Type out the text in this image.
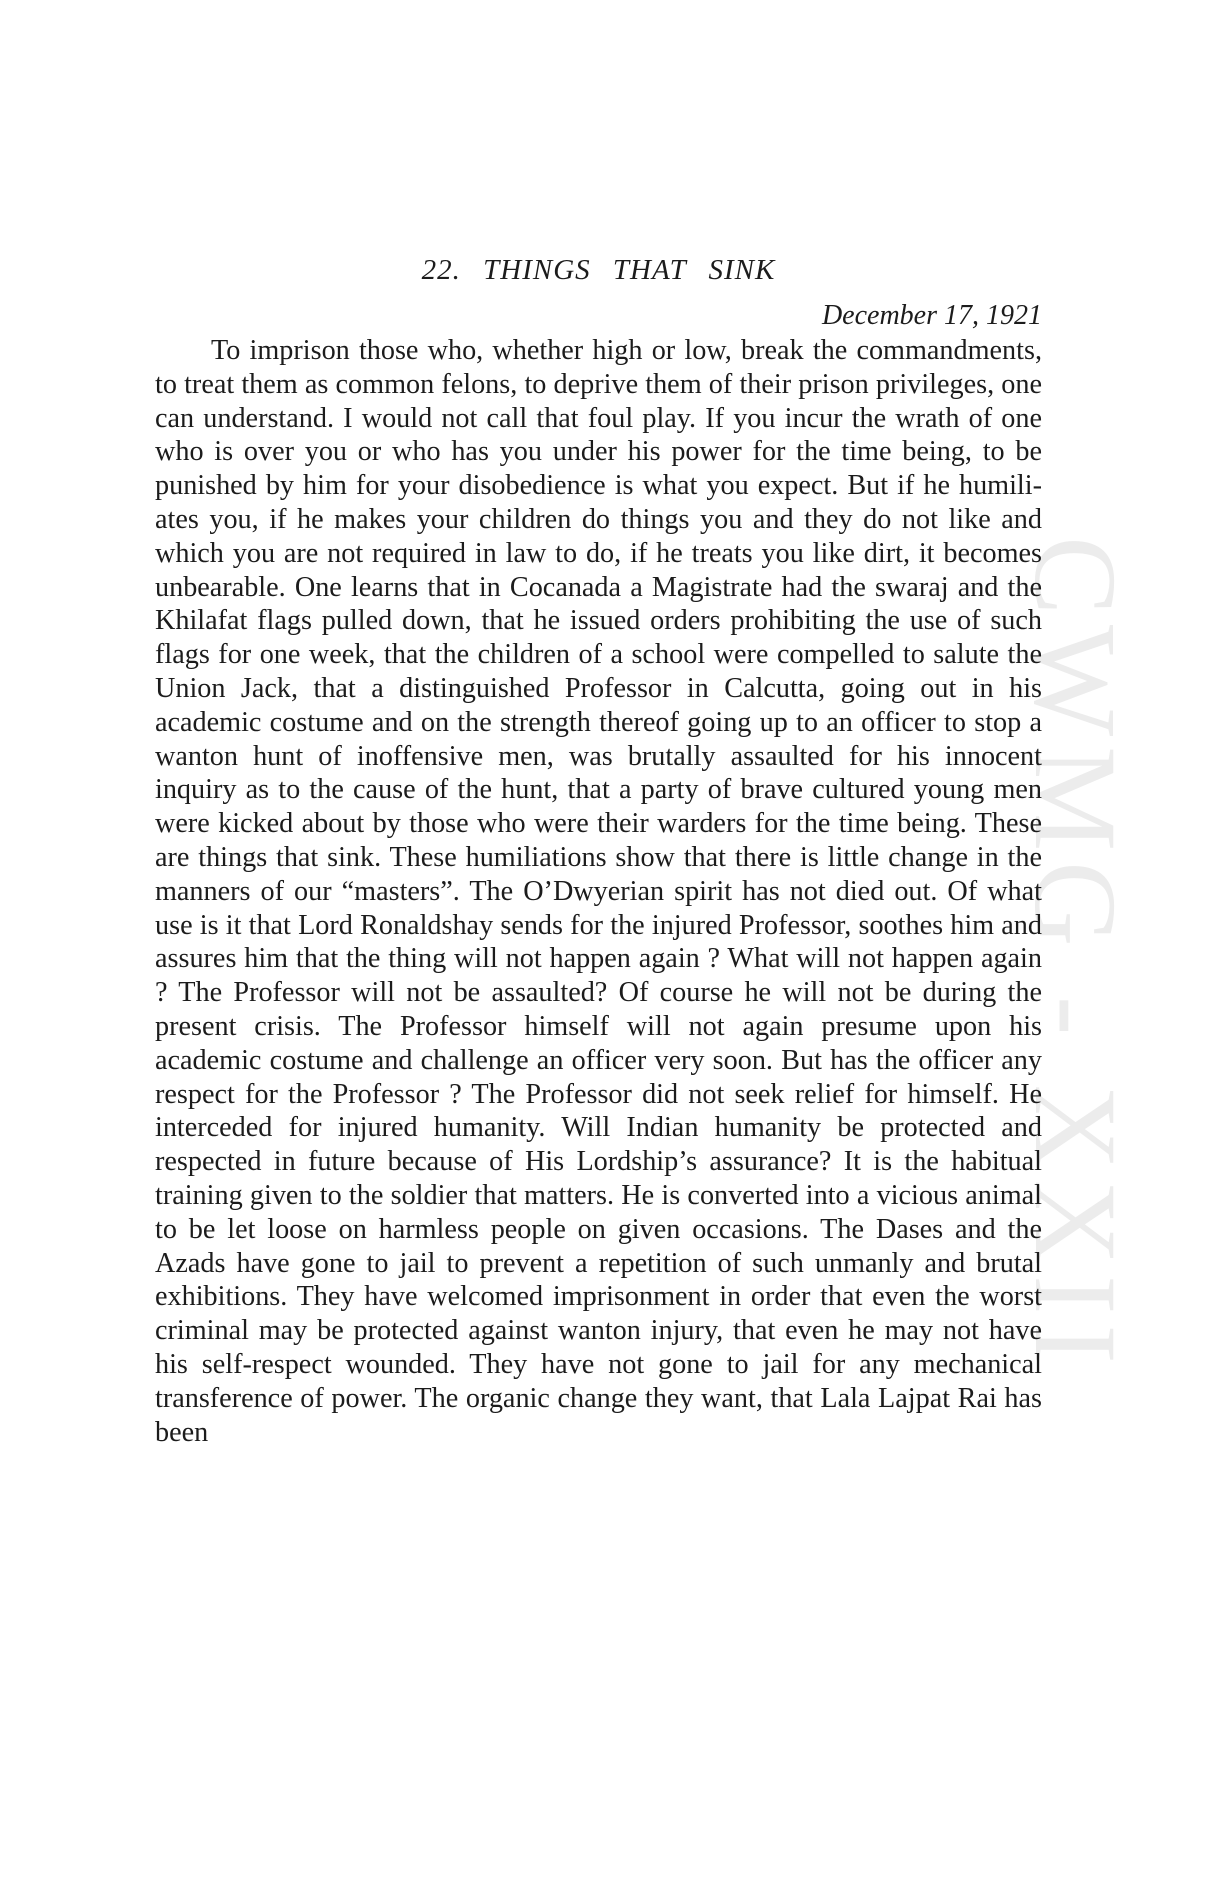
CWMG - XXII
22. THINGS THAT SINK
December 17, 1921

To imprison those who, whether high or low, break the commandments, to treat them as common felons, to deprive them of their prison privileges, one can understand. I would not call that foul play. If you incur the wrath of one who is over you or who has you under his power for the time being, to be punished by him for your disobedience is what you expect. But if he humiliates you, if he makes your children do things you and they do not like and which you are not required in law to do, if he treats you like dirt, it becomes unbearable. One learns that in Cocanada a Magistrate had the swaraj and the Khilafat flags pulled down, that he issued orders prohibiting the use of such flags for one week, that the children of a school were compelled to salute the Union Jack, that a distinguished Professor in Calcutta, going out in his academic costume and on the strength thereof going up to an officer to stop a wanton hunt of inoffensive men, was brutally assaulted for his innocent inquiry as to the cause of the hunt, that a party of brave cultured young men were kicked about by those who were their warders for the time being. These are things that sink. These humiliations show that there is little change in the manners of our “masters”. The O’Dwyerian spirit has not died out. Of what use is it that Lord Ronaldshay sends for the injured Professor, soothes him and assures him that the thing will not happen again ? What will not happen again ? The Professor will not be assaulted? Of course he will not be during the present crisis. The Professor himself will not again presume upon his academic costume and challenge an officer very soon. But has the officer any respect for the Professor ? The Professor did not seek relief for himself. He interceded for injured humanity. Will Indian humanity be protected and respected in future because of His Lordship’s assurance? It is the habitual training given to the soldier that matters. He is converted into a vicious animal to be let loose on harmless people on given occasions. The Dases and the Azads have gone to jail to prevent a repetition of such unmanly and brutal exhibitions. They have welcomed imprisonment in order that even the worst criminal may be protected against wanton injury, that even he may not have his self-respect wounded. They have not gone to jail for any mechanical transference of power. The organic change they want, that Lala Lajpat Rai has been
